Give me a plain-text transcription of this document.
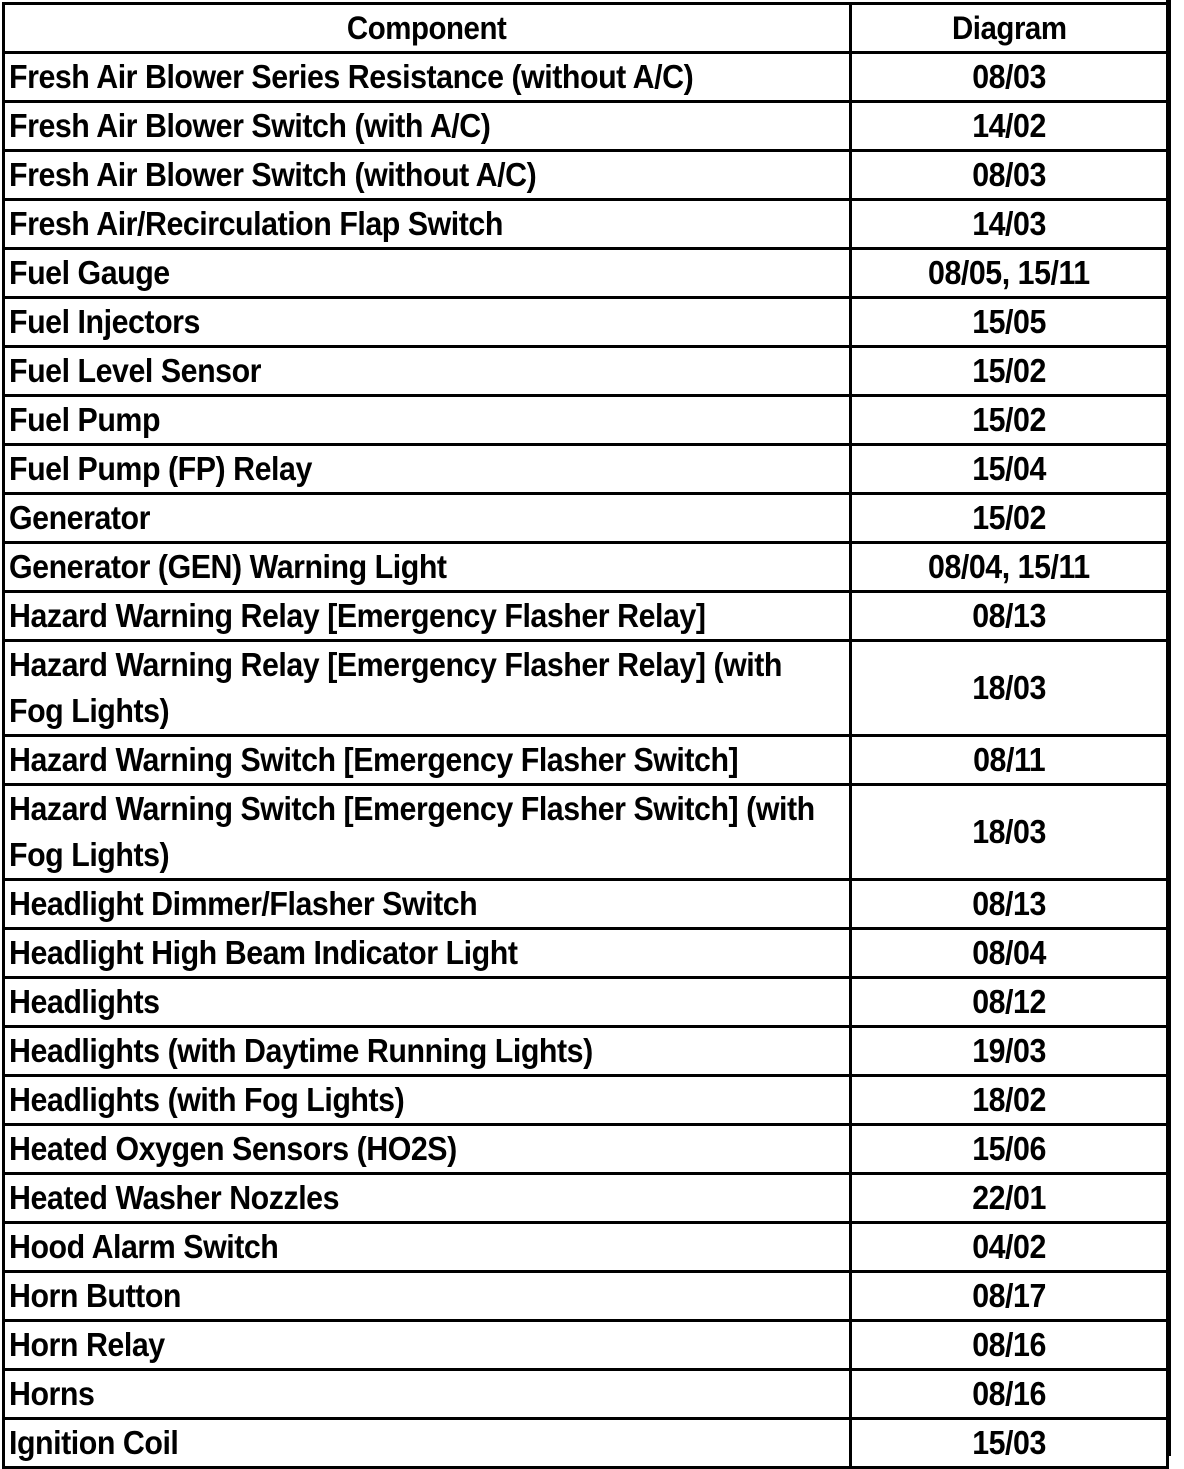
Component	Diagram
Fresh Air Blower Series Resistance (without A/C)	08/03
Fresh Air Blower Switch (with A/C)	14/02
Fresh Air Blower Switch (without A/C)	08/03
Fresh Air/Recirculation Flap Switch	14/03
Fuel Gauge	08/05, 15/11
Fuel Injectors	15/05
Fuel Level Sensor	15/02
Fuel Pump	15/02
Fuel Pump (FP) Relay	15/04
Generator	15/02
Generator (GEN) Warning Light	08/04, 15/11
Hazard Warning Relay [Emergency Flasher Relay]	08/13
Hazard Warning Relay [Emergency Flasher Relay] (with Fog Lights)	18/03
Hazard Warning Switch [Emergency Flasher Switch]	08/11
Hazard Warning Switch [Emergency Flasher Switch] (with Fog Lights)	18/03
Headlight Dimmer/Flasher Switch	08/13
Headlight High Beam Indicator Light	08/04
Headlights	08/12
Headlights (with Daytime Running Lights)	19/03
Headlights (with Fog Lights)	18/02
Heated Oxygen Sensors (HO2S)	15/06
Heated Washer Nozzles	22/01
Hood Alarm Switch	04/02
Horn Button	08/17
Horn Relay	08/16
Horns	08/16
Ignition Coil	15/03
